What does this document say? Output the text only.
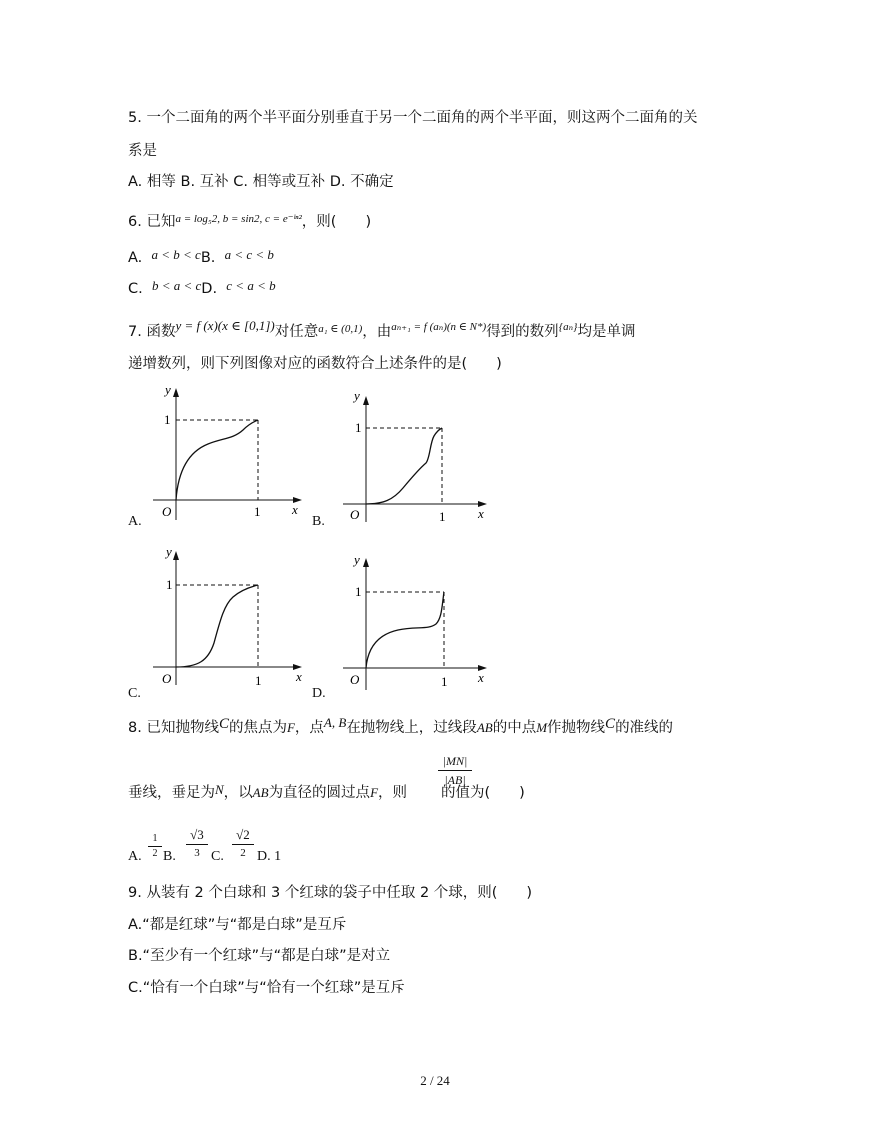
5. 一个二面角的两个半平面分别垂直于另一个二面角的两个半平面，则这两个二面角的关
系是
A. 相等 B. 互补 C. 相等或互补 D. 不确定
6. 已知$^{a = log_52, b = sin2, c = e^-ˡ^{n2}}$，则(　　)
A. a < b < cB. a < c < b
C. b < a < cD. c < a < b
7. 函数y = f (x)(x ∈ [0,1])对任意$^{a_1 \in (0,1)}$，由$^{a_{n+1} = f (a_n)(n \in N*)}$得到的数列$^{\{a_n\}}$均是单调
递增数列，则下列图像对应的函数符合上述条件的是(　　)
A.
y
1
O	1 x
B.
y
1
O	1	x
C.
y
1
O	1	x
D.
y
1
O	1 x
8. 已知抛物线C的焦点为F，点A, B在抛物线上，过线段AB的中点M作抛物线C的准线的
|MN|
|AB|
垂线，垂足为N，以AB为直径的圆过点F，则 的值为(　　)
A.
1
2 B.
√3
3 C.
√2
2 D. 1
9. 从装有 2 个白球和 3 个红球的袋子中任取 2 个球，则(　　)
A.“都是红球”与“都是白球”是互斥
B.“至少有一个红球”与“都是白球”是对立
C.“恰有一个白球”与“恰有一个红球”是互斥
2 / 24
